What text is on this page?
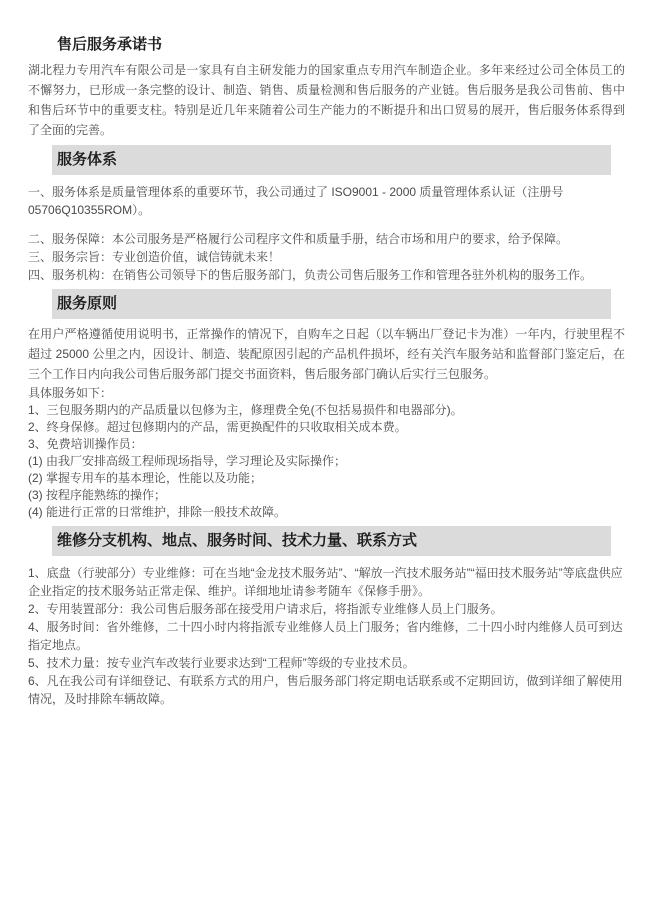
售后服务承诺书

湖北程力专用汽车有限公司是一家具有自主研发能力的国家重点专用汽车制造企业。多年来经过公司全体员工的不懈努力，已形成一条完整的设计、制造、销售、质量检测和售后服务的产业链。售后服务是我公司售前、售中和售后环节中的重要支柱。特别是近几年来随着公司生产能力的不断提升和出口贸易的展开，售后服务体系得到了全面的完善。

服务体系

一、服务体系是质量管理体系的重要环节，我公司通过了 ISO9001 - 2000 质量管理体系认证（注册号 05706Q10355ROM）。

二、服务保障：本公司服务是严格履行公司程序文件和质量手册，结合市场和用户的要求，给予保障。

三、服务宗旨：专业创造价值，诚信铸就未来！

四、服务机构：在销售公司领导下的售后服务部门，负责公司售后服务工作和管理各驻外机构的服务工作。

服务原则

在用户严格遵循使用说明书，正常操作的情况下，自购车之日起（以车辆出厂登记卡为准）一年内，行驶里程不超过 25000 公里之内，因设计、制造、装配原因引起的产品机件损坏，经有关汽车服务站和监督部门鉴定后，在三个工作日内向我公司售后服务部门提交书面资料，售后服务部门确认后实行三包服务。

具体服务如下：

1、三包服务期内的产品质量以包修为主，修理费全免(不包括易损件和电器部分)。

2、终身保修。超过包修期内的产品，需更换配件的只收取相关成本费。

3、免费培训操作员：

(1) 由我厂安排高级工程师现场指导，学习理论及实际操作；

(2) 掌握专用车的基本理论，性能以及功能；

(3) 按程序能熟练的操作；

(4) 能进行正常的日常维护，排除一般技术故障。

维修分支机构、地点、服务时间、技术力量、联系方式

1、底盘（行驶部分）专业维修：可在当地“金龙技术服务站”、“解放一汽技术服务站”“福田技术服务站”等底盘供应企业指定的技术服务站正常走保、维护。详细地址请参考随车《保修手册》。

2、专用装置部分：我公司售后服务部在接受用户请求后，将指派专业维修人员上门服务。

4、服务时间：省外维修，二十四小时内将指派专业维修人员上门服务；省内维修，二十四小时内维修人员可到达指定地点。

5、技术力量：按专业汽车改装行业要求达到“工程师”等级的专业技术员。

6、凡在我公司有详细登记、有联系方式的用户，售后服务部门将定期电话联系或不定期回访，做到详细了解使用情况，及时排除车辆故障。
